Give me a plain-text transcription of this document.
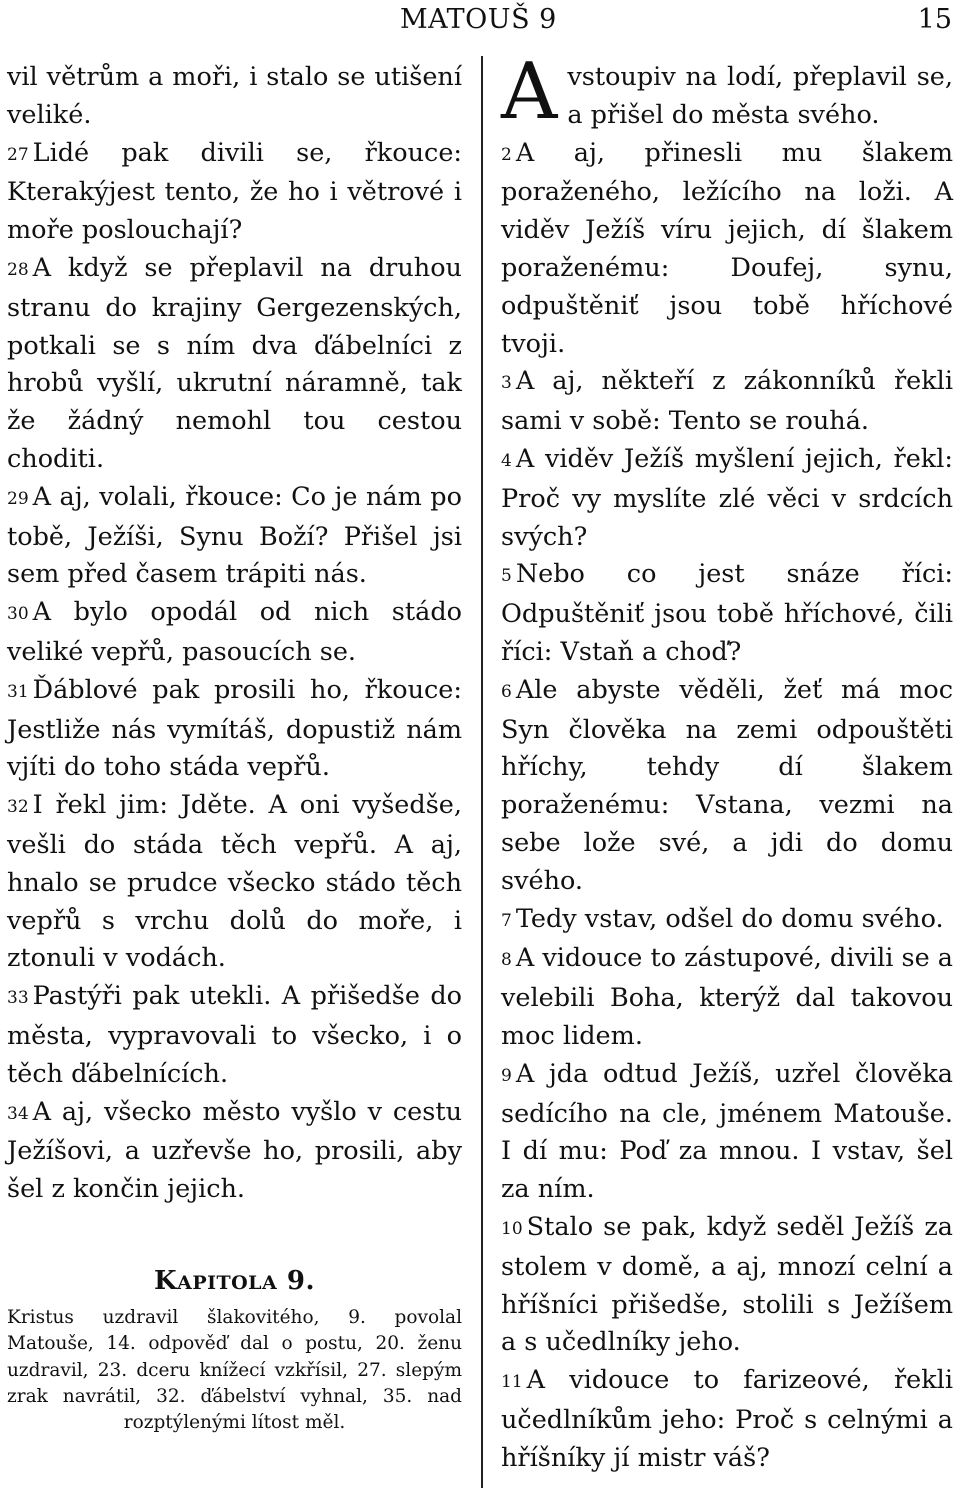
MATOUŠ 9	15

vil větrům a moři, i stalo se utišení veliké.

27 Lidé pak divili se, řkouce: Kterakýjest tento, že ho i větrové i moře poslouchají?

28 A když se přeplavil na druhou stranu do krajiny Gergezenských, potkali se s ním dva ďábelníci z hrobů vyšlí, ukrutní náramně, tak že žádný nemohl tou cestou choditi.

29 A aj, volali, řkouce: Co je nám po tobě, Ježíši, Synu Boží? Přišel jsi sem před časem trápiti nás.

30 A bylo opodál od nich stádo veliké vepřů, pasoucích se.

31 Ďáblové pak prosili ho, řkouce: Jestliže nás vymítáš, dopustiž nám vjíti do toho stáda vepřů.

32 I řekl jim: Jděte. A oni vyšedše, vešli do stáda těch vepřů. A aj, hnalo se prudce všecko stádo těch vepřů s vrchu dolů do moře, i ztonuli v vodách.

33 Pastýři pak utekli. A přišedše do města, vypravovali to všecko, i o těch ďábelnících.

34 A aj, všecko město vyšlo v cestu Ježíšovi, a uzřevše ho, prosili, aby šel z končin jejich.

KAPITOLA 9.

Kristus uzdravil šlakovitého, 9. povolal Matouše, 14. odpověď dal o postu, 20. ženu uzdravil, 23. dceru knížecí vzkřísil, 27. slepým zrak navrátil, 32. ďábelství vyhnal, 35. nad rozptýlenými lítost měl.

Avstoupiv na lodí, přeplavil se, a přišel do města svého.

2 A aj, přinesli mu šlakem poraženého, ležícího na loži. A viděv Ježíš víru jejich, dí šlakem poraženému: Doufej, synu, odpuštěniť jsou tobě hříchové tvoji.

3 A aj, někteří z zákonníků řekli sami v sobě: Tento se rouhá.

4 A viděv Ježíš myšlení jejich, řekl: Proč vy myslíte zlé věci v srdcích svých?

5 Nebo co jest snáze říci: Odpuštěniť jsou tobě hříchové, čili říci: Vstaň a choď?

6 Ale abyste věděli, žeť má moc Syn člověka na zemi odpouštěti hříchy, tehdy dí šlakem poraženému: Vstana, vezmi na sebe lože své, a jdi do domu svého.

7 Tedy vstav, odšel do domu svého.

8 A vidouce to zástupové, divili se a velebili Boha, kterýž dal takovou moc lidem.

9 A jda odtud Ježíš, uzřel člověka sedícího na cle, jménem Matouše. I dí mu: Poď za mnou. I vstav, šel za ním.

10 Stalo se pak, když seděl Ježíš za stolem v domě, a aj, mnozí celní a hříšníci přišedše, stolili s Ježíšem a s učedlníky jeho.

11 A vidouce to farizeové, řekli učedlníkům jeho: Proč s celnými a hříšníky jí mistr váš?
